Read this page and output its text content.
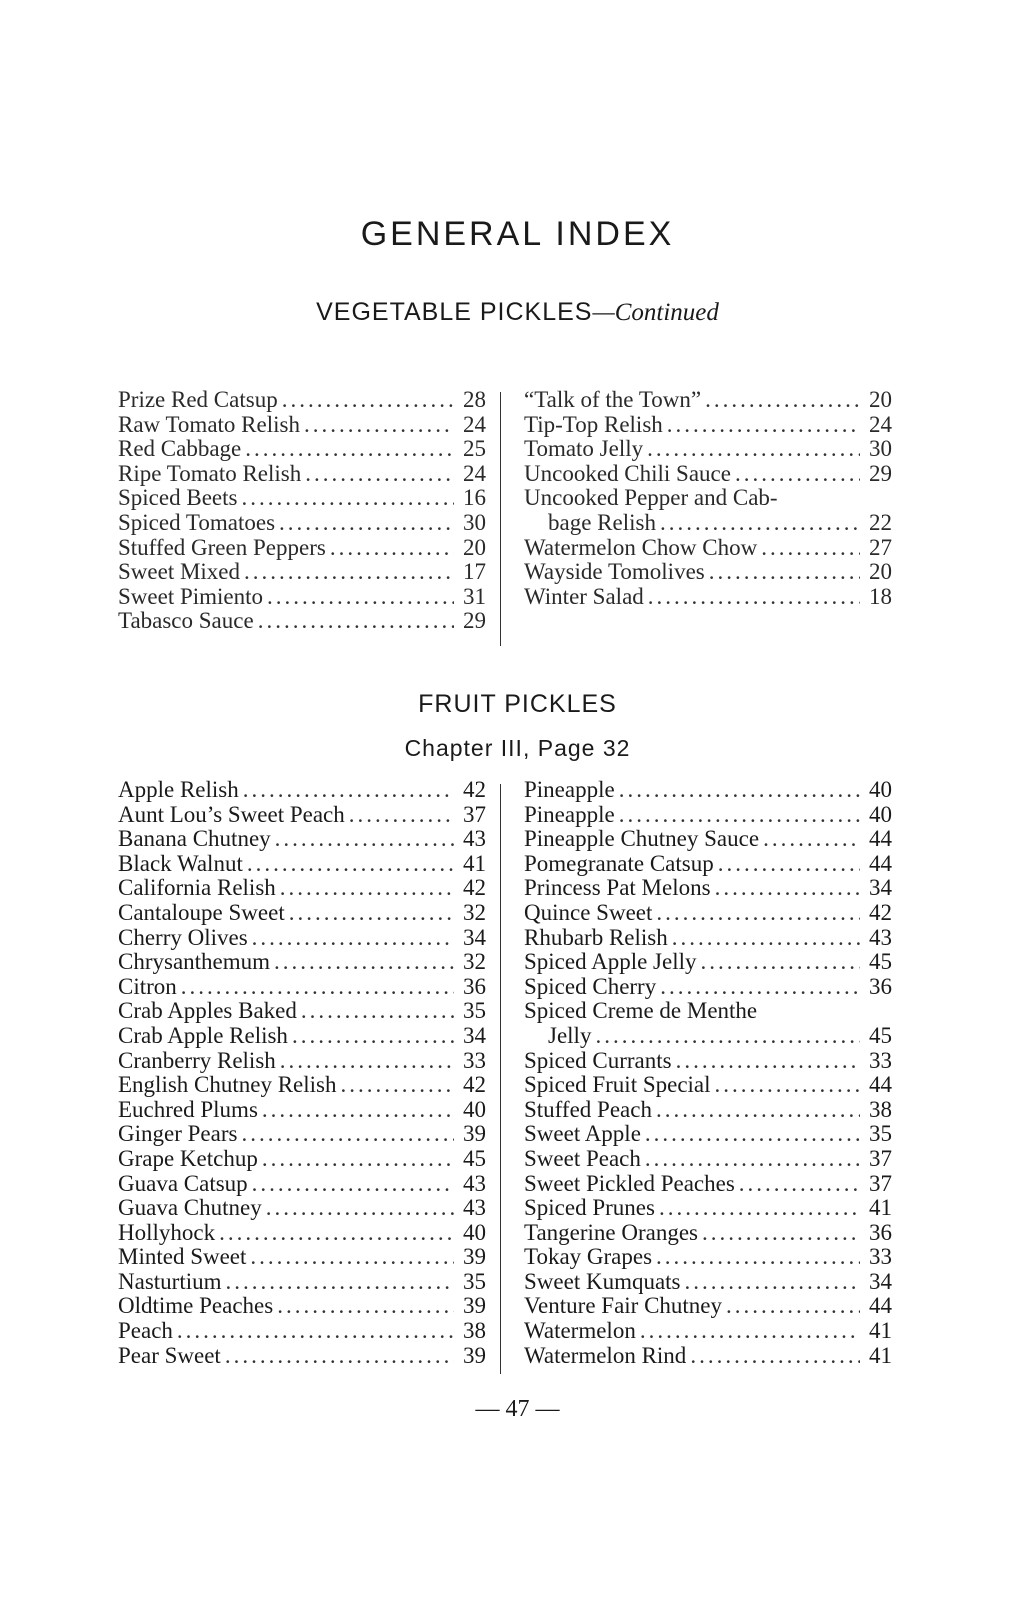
GENERAL INDEX
VEGETABLE PICKLES—Continued
Prize Red Catsup .....	28
Raw Tomato Relish .....	24
Red Cabbage .....	25
Ripe Tomato Relish .....	24
Spiced Beets .....	16
Spiced Tomatoes .....	30
Stuffed Green Peppers .....	20
Sweet Mixed .....	17
Sweet Pimiento .....	31
Tabasco Sauce .....	29
“Talk of the Town” .....	20
Tip-Top Relish .....	24
Tomato Jelly .....	30
Uncooked Chili Sauce .....	29
Uncooked Pepper and Cab-
bage Relish .....	22
Watermelon Chow Chow .....	27
Wayside Tomolives .....	20
Winter Salad .....	18
FRUIT PICKLES
Chapter III, Page 32
Apple Relish .....	42
Aunt Lou’s Sweet Peach .....	37
Banana Chutney .....	43
Black Walnut .....	41
California Relish .....	42
Cantaloupe Sweet .....	32
Cherry Olives .....	34
Chrysanthemum .....	32
Citron .....	36
Crab Apples Baked .....	35
Crab Apple Relish .....	34
Cranberry Relish .....	33
English Chutney Relish .....	42
Euchred Plums .....	40
Ginger Pears .....	39
Grape Ketchup .....	45
Guava Catsup .....	43
Guava Chutney .....	43
Hollyhock .....	40
Minted Sweet .....	39
Nasturtium .....	35
Oldtime Peaches .....	39
Peach .....	38
Pear Sweet .....	39
Pineapple .....	40
Pineapple .....	40
Pineapple Chutney Sauce .....	44
Pomegranate Catsup .....	44
Princess Pat Melons .....	34
Quince Sweet .....	42
Rhubarb Relish .....	43
Spiced Apple Jelly .....	45
Spiced Cherry .....	36
Spiced Creme de Menthe
Jelly .....	45
Spiced Currants .....	33
Spiced Fruit Special .....	44
Stuffed Peach .....	38
Sweet Apple .....	35
Sweet Peach .....	37
Sweet Pickled Peaches .....	37
Spiced Prunes .....	41
Tangerine Oranges .....	36
Tokay Grapes .....	33
Sweet Kumquats .....	34
Venture Fair Chutney .....	44
Watermelon .....	41
Watermelon Rind .....	41
— 47 —
